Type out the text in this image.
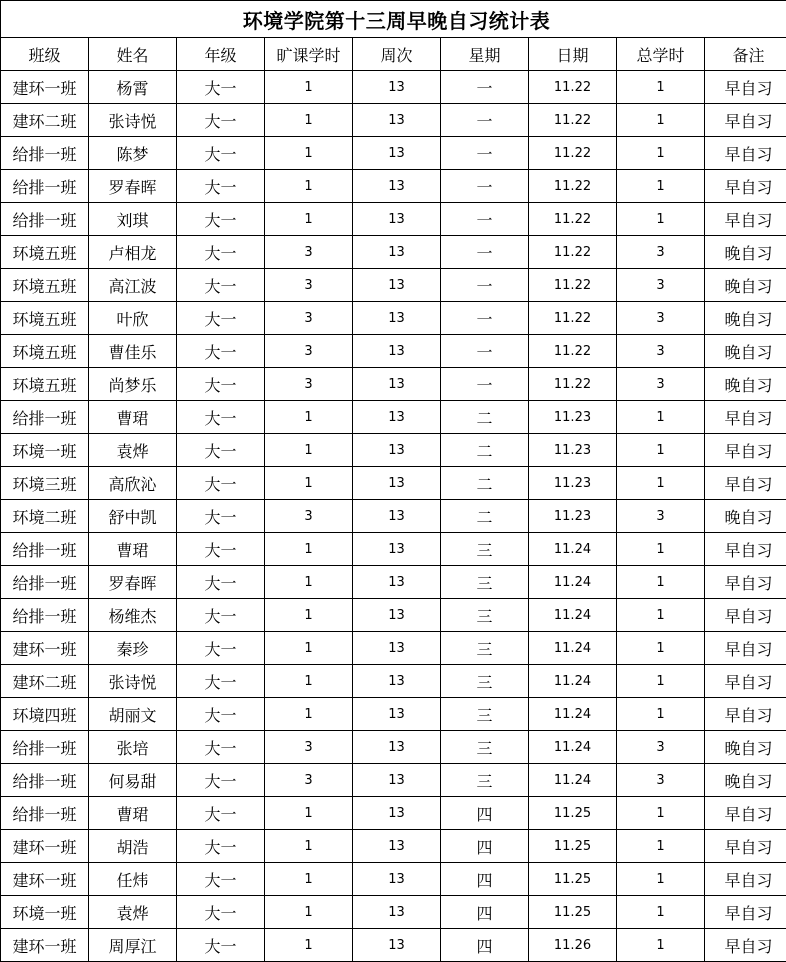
环境学院第十三周早晚自习统计表								
班级	姓名	年级	旷课学时	周次	星期	日期	总学时	备注
建环一班	杨霄	大一	1	13	一	11.22	1	早自习
建环二班	张诗悦	大一	1	13	一	11.22	1	早自习
给排一班	陈梦	大一	1	13	一	11.22	1	早自习
给排一班	罗春晖	大一	1	13	一	11.22	1	早自习
给排一班	刘琪	大一	1	13	一	11.22	1	早自习
环境五班	卢相龙	大一	3	13	一	11.22	3	晚自习
环境五班	高江波	大一	3	13	一	11.22	3	晚自习
环境五班	叶欣	大一	3	13	一	11.22	3	晚自习
环境五班	曹佳乐	大一	3	13	一	11.22	3	晚自习
环境五班	尚梦乐	大一	3	13	一	11.22	3	晚自习
给排一班	曹珺	大一	1	13	二	11.23	1	早自习
环境一班	袁烨	大一	1	13	二	11.23	1	早自习
环境三班	高欣沁	大一	1	13	二	11.23	1	早自习
环境二班	舒中凯	大一	3	13	二	11.23	3	晚自习
给排一班	曹珺	大一	1	13	三	11.24	1	早自习
给排一班	罗春晖	大一	1	13	三	11.24	1	早自习
给排一班	杨维杰	大一	1	13	三	11.24	1	早自习
建环一班	秦珍	大一	1	13	三	11.24	1	早自习
建环二班	张诗悦	大一	1	13	三	11.24	1	早自习
环境四班	胡丽文	大一	1	13	三	11.24	1	早自习
给排一班	张培	大一	3	13	三	11.24	3	晚自习
给排一班	何易甜	大一	3	13	三	11.24	3	晚自习
给排一班	曹珺	大一	1	13	四	11.25	1	早自习
建环一班	胡浩	大一	1	13	四	11.25	1	早自习
建环一班	任炜	大一	1	13	四	11.25	1	早自习
环境一班	袁烨	大一	1	13	四	11.25	1	早自习
建环一班	周厚江	大一	1	13	四	11.26	1	早自习
